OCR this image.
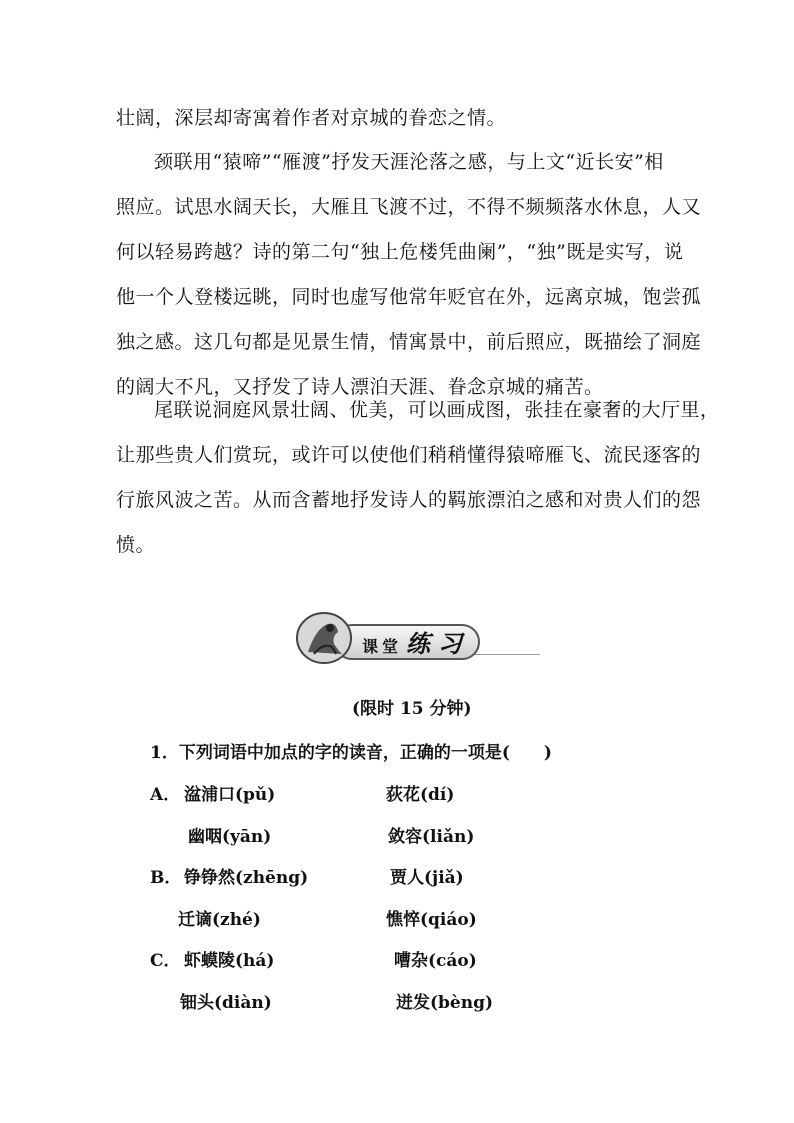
壮阔，深层却寄寓着作者对京城的眷恋之情。
颈联用“猿啼”“雁渡”抒发天涯沦落之感，与上文“近长安”相
照应。试思水阔天长，大雁且飞渡不过，不得不频频落水休息，人又
何以轻易跨越？诗的第二句“独上危楼凭曲阑”，“独”既是实写，说
他一个人登楼远眺，同时也虚写他常年贬官在外，远离京城，饱尝孤
独之感。这几句都是见景生情，情寓景中，前后照应，既描绘了洞庭
的阔大不凡，又抒发了诗人漂泊天涯、眷念京城的痛苦。
尾联说洞庭风景壮阔、优美，可以画成图，张挂在豪奢的大厅里，
让那些贵人们赏玩，或许可以使他们稍稍懂得猿啼雁飞、流民逐客的
行旅风波之苦。从而含蓄地抒发诗人的羁旅漂泊之感和对贵人们的怨
愤。
课堂 练习
(限时 15 分钟)
1．下列词语中加点的字的读音，正确的一项是(　　)
A． 湓浦口(pǔ)	荻花(dí)
幽咽(yān)	敛容(liǎn)
B． 铮铮然(zhēng)	贾人(jiǎ)
迁谪(zhé)	憔悴(qiáo)
C． 虾蟆陵(há)	嘈杂(cáo)
钿头(diàn)	迸发(bèng)
